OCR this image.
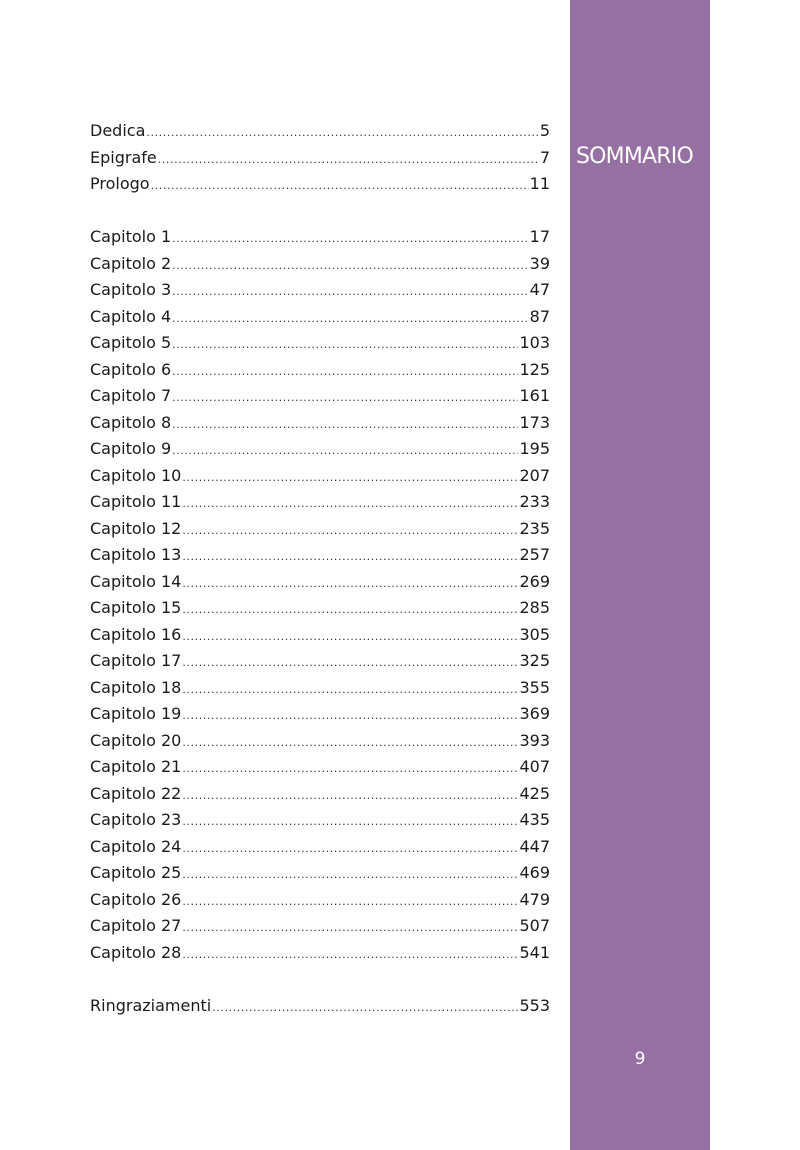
SOMMARIO
9
Dedica .....	5
Epigrafe .....	7
Prologo .....	11
Capitolo 1 .....	17
Capitolo 2 .....	39
Capitolo 3 .....	47
Capitolo 4 .....	87
Capitolo 5 .....	103
Capitolo 6 .....	125
Capitolo 7 .....	161
Capitolo 8 .....	173
Capitolo 9 .....	195
Capitolo 10 .....	207
Capitolo 11 .....	233
Capitolo 12 .....	235
Capitolo 13 .....	257
Capitolo 14 .....	269
Capitolo 15 .....	285
Capitolo 16 .....	305
Capitolo 17 .....	325
Capitolo 18 .....	355
Capitolo 19 .....	369
Capitolo 20 .....	393
Capitolo 21 .....	407
Capitolo 22 .....	425
Capitolo 23 .....	435
Capitolo 24 .....	447
Capitolo 25 .....	469
Capitolo 26 .....	479
Capitolo 27 .....	507
Capitolo 28 .....	541
Ringraziamenti .....	553
